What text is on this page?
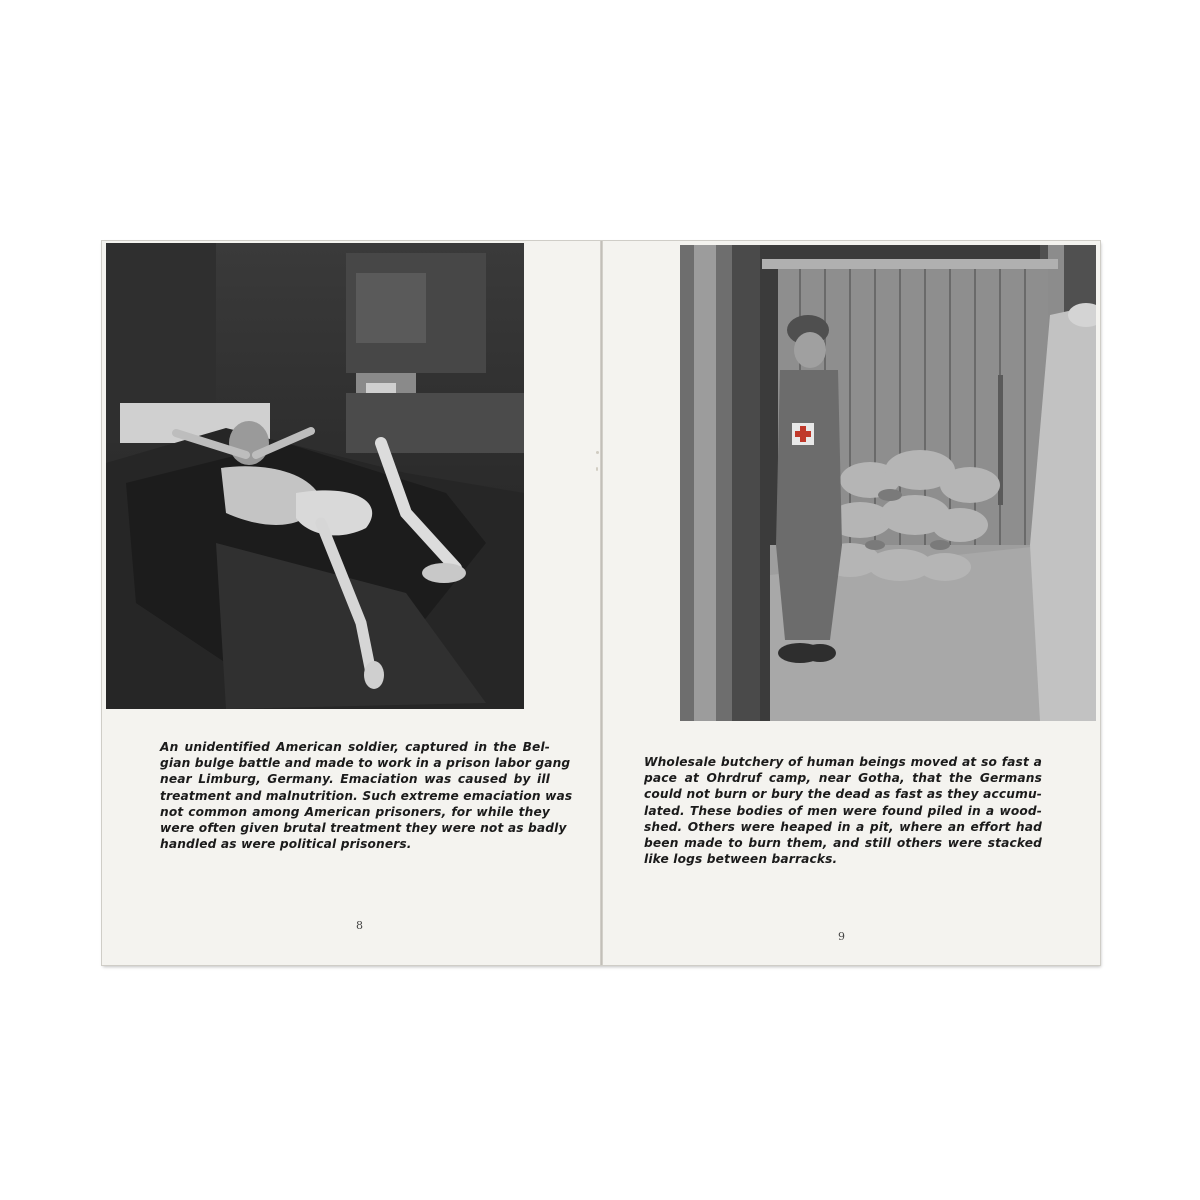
An unidentified American soldier, captured in the Bel-
gian bulge battle and made to work in a prison labor gang
near Limburg, Germany. Emaciation was caused by ill
treatment and malnutrition. Such extreme emaciation was
not common among American prisoners, for while they
were often given brutal treatment they were not as badly
handled as were political prisoners.
8
Wholesale butchery of human beings moved at so fast a
pace at Ohrdruf camp, near Gotha, that the Germans
could not burn or bury the dead as fast as they accumu-
lated. These bodies of men were found piled in a wood-
shed. Others were heaped in a pit, where an effort had
been made to burn them, and still others were stacked
like logs between barracks.
9
